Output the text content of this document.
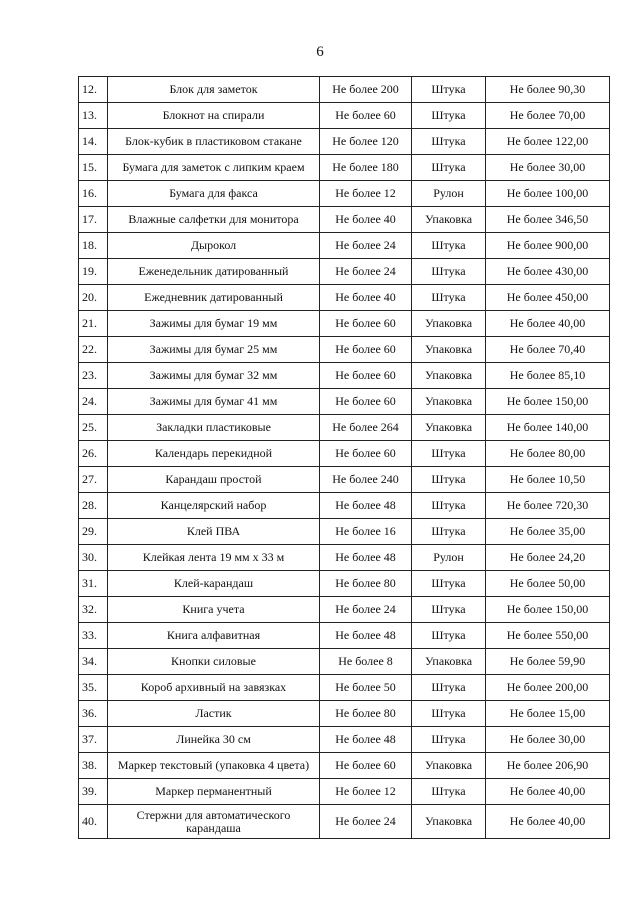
6
12.	Блок для заметок	Не более 200	Штука	Не более 90,30
13.	Блокнот на спирали	Не более 60	Штука	Не более 70,00
14.	Блок-кубик в пластиковом стакане	Не более 120	Штука	Не более 122,00
15.	Бумага для заметок с липким краем	Не более 180	Штука	Не более 30,00
16.	Бумага для факса	Не более 12	Рулон	Не более 100,00
17.	Влажные салфетки для монитора	Не более 40	Упаковка	Не более 346,50
18.	Дырокол	Не более 24	Штука	Не более 900,00
19.	Еженедельник датированный	Не более 24	Штука	Не более 430,00
20.	Ежедневник датированный	Не более 40	Штука	Не более 450,00
21.	Зажимы для бумаг 19 мм	Не более 60	Упаковка	Не более 40,00
22.	Зажимы для бумаг 25 мм	Не более 60	Упаковка	Не более 70,40
23.	Зажимы для бумаг 32 мм	Не более 60	Упаковка	Не более 85,10
24.	Зажимы для бумаг 41 мм	Не более 60	Упаковка	Не более 150,00
25.	Закладки пластиковые	Не более 264	Упаковка	Не более 140,00
26.	Календарь перекидной	Не более 60	Штука	Не более 80,00
27.	Карандаш простой	Не более 240	Штука	Не более 10,50
28.	Канцелярский набор	Не более 48	Штука	Не более 720,30
29.	Клей ПВА	Не более 16	Штука	Не более 35,00
30.	Клейкая лента 19 мм х 33 м	Не более 48	Рулон	Не более 24,20
31.	Клей-карандаш	Не более 80	Штука	Не более 50,00
32.	Книга учета	Не более 24	Штука	Не более 150,00
33.	Книга алфавитная	Не более 48	Штука	Не более 550,00
34.	Кнопки силовые	Не более 8	Упаковка	Не более 59,90
35.	Короб архивный на завязках	Не более 50	Штука	Не более 200,00
36.	Ластик	Не более 80	Штука	Не более 15,00
37.	Линейка 30 см	Не более 48	Штука	Не более 30,00
38.	Маркер текстовый (упаковка 4 цвета)	Не более 60	Упаковка	Не более 206,90
39.	Маркер перманентный	Не более 12	Штука	Не более 40,00
40.	Стержни для автоматического карандаша	Не более 24	Упаковка	Не более 40,00
